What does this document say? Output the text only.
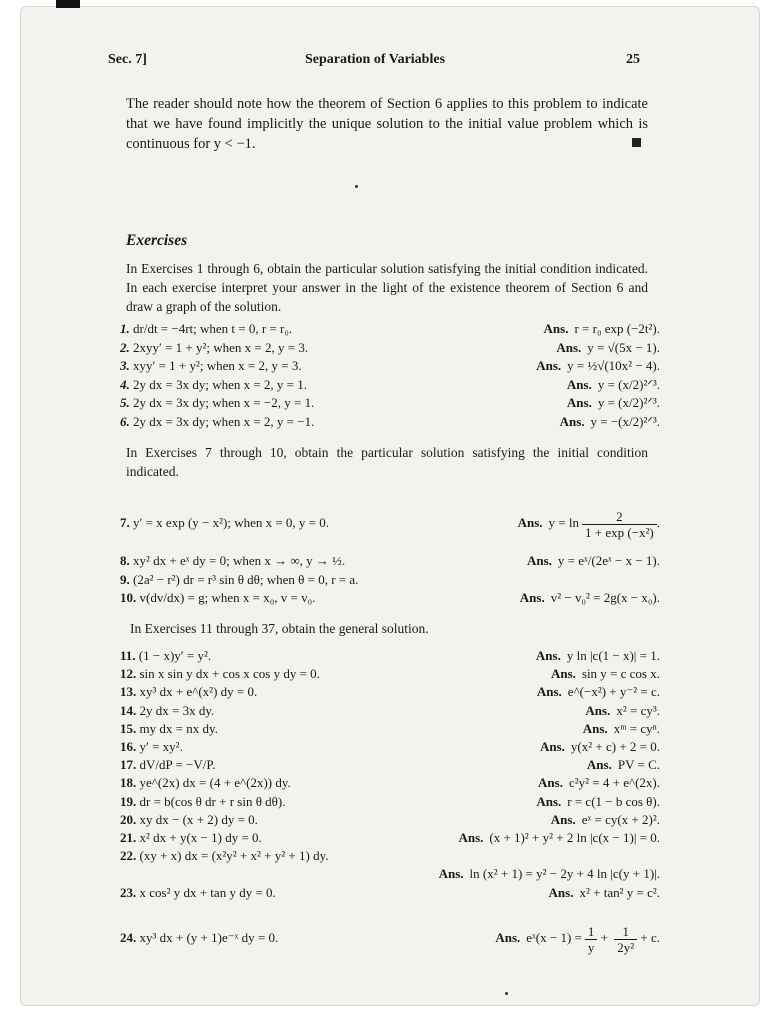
Sec. 7]	Separation of Variables	25
The reader should note how the theorem of Section 6 applies to this problem to indicate that we have found implicitly the unique solution to the initial value problem which is continuous for y < −1.
Exercises
In Exercises 1 through 6, obtain the particular solution satisfying the initial condition indicated. In each exercise interpret your answer in the light of the existence theorem of Section 6 and draw a graph of the solution.
1. dr/dt = −4rt; when t = 0, r = r₀.	Ans. r = r₀ exp (−2t²).
2. 2xyy′ = 1 + y²; when x = 2, y = 3.	Ans. y = √(5x − 1).
3. xyy′ = 1 + y²; when x = 2, y = 3.	Ans. y = ½√(10x² − 4).
4. 2y dx = 3x dy; when x = 2, y = 1.	Ans. y = (x/2)²ᐟ³.
5. 2y dx = 3x dy; when x = −2, y = 1.	Ans. y = (x/2)²ᐟ³.
6. 2y dx = 3x dy; when x = 2, y = −1.	Ans. y = −(x/2)²ᐟ³.
In Exercises 7 through 10, obtain the particular solution satisfying the initial condition indicated.
7. y′ = x exp (y − x²); when x = 0, y = 0.	Ans. $y = \ln \frac{2}{\text{1 + exp (−x²)}}$ .
8. xy² dx + eˣ dy = 0; when x → ∞, y → ½.	Ans. y = eˣ/(2eˣ − x − 1).
9. (2a² − r²) dr = r³ sin θ dθ; when θ = 0, r = a.
10. v(dv/dx) = g; when x = x₀, v = v₀.	Ans. v² − v₀² = 2g(x − x₀).
In Exercises 11 through 37, obtain the general solution.
11. (1 − x)y′ = y².	Ans. y ln |c(1 − x)| = 1.
12. sin x sin y dx + cos x cos y dy = 0.	Ans. sin y = c cos x.
13. xy³ dx + e^(x²) dy = 0.	Ans. e^(−x²) + y⁻² = c.
14. 2y dx = 3x dy.	Ans. x² = cy³.
15. my dx = nx dy.	Ans. xᵐ = cyⁿ.
16. y′ = xy².	Ans. y(x² + c) + 2 = 0.
17. dV/dP = −V/P.	Ans. PV = C.
18. ye^(2x) dx = (4 + e^(2x)) dy.	Ans. c²y² = 4 + e^(2x).
19. dr = b(cos θ dr + r sin θ dθ).	Ans. r = c(1 − b cos θ).
20. xy dx − (x + 2) dy = 0.	Ans. eˣ = cy(x + 2)².
21. x² dx + y(x − 1) dy = 0.	Ans. (x + 1)² + y² + 2 ln |c(x − 1)| = 0.
22. (xy + x) dx = (x²y² + x² + y² + 1) dy.
Ans. ln (x² + 1) = y² − 2y + 4 ln |c(y + 1)|.
23. x cos² y dx + tan y dy = 0.	Ans. x² + tan² y = c².
24. xy³ dx + (y + 1)e⁻ˣ dy = 0.	Ans. eˣ(x − $1) = \frac{1}{y} + \frac{1}{\text{2y²}} + c$.
